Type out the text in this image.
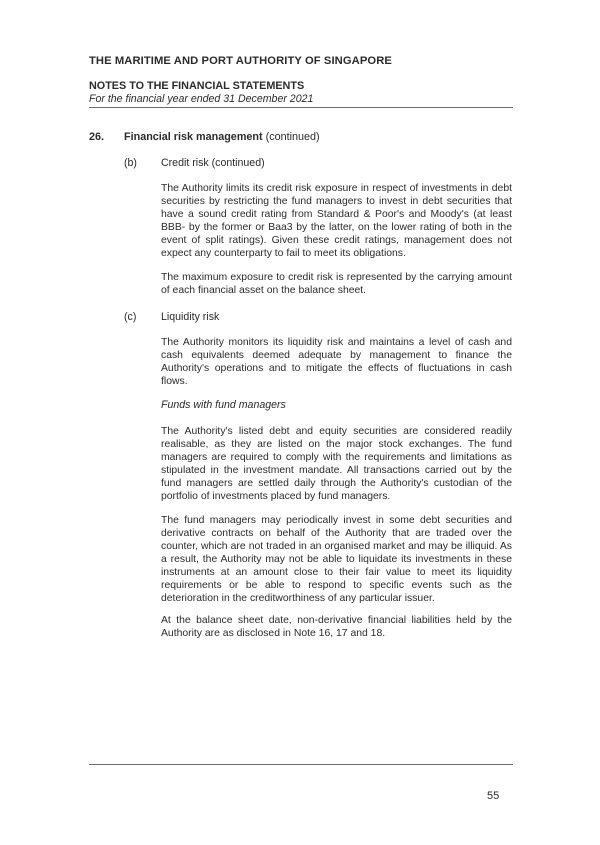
THE MARITIME AND PORT AUTHORITY OF SINGAPORE
NOTES TO THE FINANCIAL STATEMENTS
For the financial year ended 31 December 2021
26. Financial risk management (continued)
(b) Credit risk (continued)

The Authority limits its credit risk exposure in respect of investments in debt securities by restricting the fund managers to invest in debt securities that have a sound credit rating from Standard & Poor's and Moody's (at least BBB- by the former or Baa3 by the latter, on the lower rating of both in the event of split ratings). Given these credit ratings, management does not expect any counterparty to fail to meet its obligations.

The maximum exposure to credit risk is represented by the carrying amount of each financial asset on the balance sheet.

(c) Liquidity risk

The Authority monitors its liquidity risk and maintains a level of cash and cash equivalents deemed adequate by management to finance the Authority's operations and to mitigate the effects of fluctuations in cash flows.

Funds with fund managers

The Authority's listed debt and equity securities are considered readily realisable, as they are listed on the major stock exchanges. The fund managers are required to comply with the requirements and limitations as stipulated in the investment mandate. All transactions carried out by the fund managers are settled daily through the Authority's custodian of the portfolio of investments placed by fund managers.

The fund managers may periodically invest in some debt securities and derivative contracts on behalf of the Authority that are traded over the counter, which are not traded in an organised market and may be illiquid. As a result, the Authority may not be able to liquidate its investments in these instruments at an amount close to their fair value to meet its liquidity requirements or be able to respond to specific events such as the deterioration in the creditworthiness of any particular issuer.

At the balance sheet date, non-derivative financial liabilities held by the Authority are as disclosed in Note 16, 17 and 18.

55
